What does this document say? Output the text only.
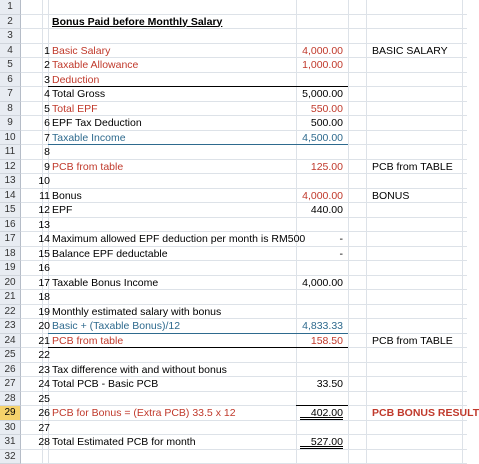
1
2	Bonus Paid before Monthly Salary
3
4	1 Basic Salary	4,000.00	BASIC SALARY
5	2 Taxable Allowance	1,000.00
6	3 Deduction
7	4 Total Gross	5,000.00
8	5 Total EPF	550.00
9	6 EPF Tax Deduction	500.00
10	7 Taxable Income	4,500.00
11	8
12	9 PCB from table	125.00	PCB from TABLE
13	10
14	11 Bonus	4,000.00	BONUS
15	12 EPF	440.00
16	13
17	14 Maximum allowed EPF deduction per month is RM500	-
18	15 Balance EPF deductable	-
19	16
20	17 Taxable Bonus Income	4,000.00
21	18
22	19 Monthly estimated salary with bonus
23	20 Basic + (Taxable Bonus)/12	4,833.33
24	21 PCB from table	158.50	PCB from TABLE
25	22
26	23 Tax difference with and without bonus
27	24 Total PCB - Basic PCB	33.50
28	25
29	26 PCB for Bonus = (Extra PCB) 33.5 x 12	402.00	PCB BONUS RESULT
30	27
31	28 Total Estimated PCB for month	527.00
32
